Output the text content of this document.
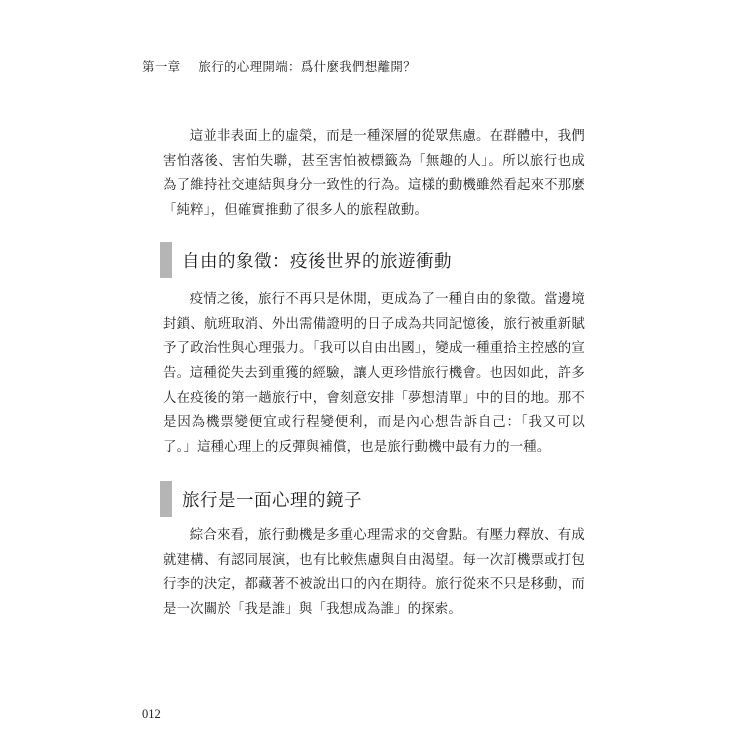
第一章 旅行的心理開端：爲什麼我們想離開？

這並非表面上的虛榮，而是一種深層的從眾焦慮。在群體中，我們害怕落後、害怕失聯，甚至害怕被標籤為「無趣的人」。所以旅行也成為了維持社交連結與身分一致性的行為。這樣的動機雖然看起來不那麼「純粹」，但確實推動了很多人的旅程啟動。

自由的象徵：疫後世界的旅遊衝動

疫情之後，旅行不再只是休閒，更成為了一種自由的象徵。當邊境封鎖、航班取消、外出需備證明的日子成為共同記憶後，旅行被重新賦予了政治性與心理張力。「我可以自由出國」，變成一種重拾主控感的宣告。 這種從失去到重獲的經驗，讓人更珍惜旅行機會。也因如此，許多人在疫後的第一趟旅行中，會刻意安排「夢想清單」中的目的地。那不是因為機票變便宜或行程變便利，而是內心想告訴自己：「我又可以了。」這種心理上的反彈與補償，也是旅行動機中最有力的一種。

旅行是一面心理的鏡子

綜合來看，旅行動機是多重心理需求的交會點。有壓力釋放、有成就建構、有認同展演，也有比較焦慮與自由渴望。每一次訂機票或打包行李的決定，都藏著不被說出口的內在期待。旅行從來不只是移動，而是一次關於「我是誰」與「我想成為誰」的探索。

012
